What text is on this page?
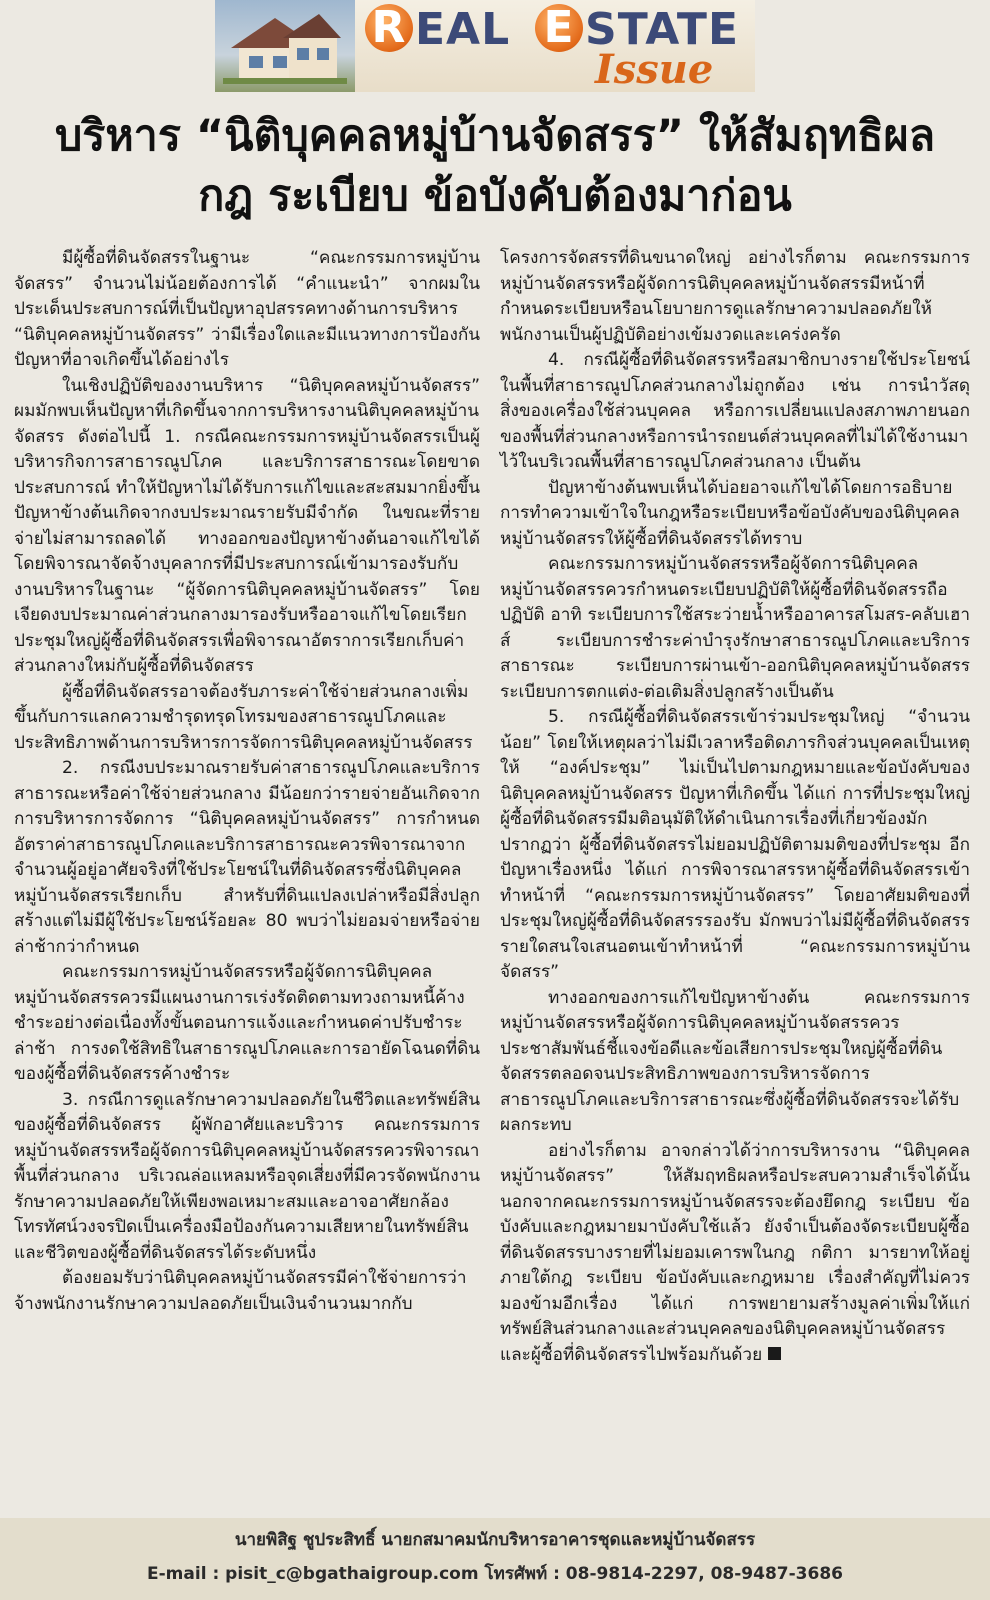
R EAL E STATE
Issue
บริหาร “นิติบุคคลหมู่บ้านจัดสรร” ให้สัมฤทธิผล
กฎ ระเบียบ ข้อบังคับต้องมาก่อน

มีผู้ซื้อที่ดินจัดสรรในฐานะ “คณะกรรมการหมู่บ้านจัดสรร” จำนวนไม่น้อยต้องการได้ “คำแนะนำ” จากผมในประเด็นประสบการณ์ที่เป็นปัญหาอุปสรรคทางด้านการบริหาร “นิติบุคคลหมู่บ้านจัดสรร” ว่ามีเรื่องใดและมีแนวทางการป้องกันปัญหาที่อาจเกิดขึ้นได้อย่างไร

ในเชิงปฏิบัติของงานบริหาร “นิติบุคคลหมู่บ้านจัดสรร” ผมมักพบเห็นปัญหาที่เกิดขึ้นจากการบริหารงานนิติบุคคลหมู่บ้านจัดสรร ดังต่อไปนี้ 1. กรณีคณะกรรมการหมู่บ้านจัดสรรเป็นผู้บริหารกิจการสาธารณูปโภค และบริการสาธารณะโดยขาดประสบการณ์ ทำให้ปัญหาไม่ได้รับการแก้ไขและสะสมมากยิ่งขึ้น ปัญหาข้างต้นเกิดจากงบประมาณรายรับมีจำกัด ในขณะที่รายจ่ายไม่สามารถลดได้ ทางออกของปัญหาข้างต้นอาจแก้ไขได้โดยพิจารณาจัดจ้างบุคลากรที่มีประสบการณ์เข้ามารองรับกับงานบริหารในฐานะ “ผู้จัดการนิติบุคคลหมู่บ้านจัดสรร” โดยเจียดงบประมาณค่าส่วนกลางมารองรับหรืออาจแก้ไขโดยเรียกประชุมใหญ่ผู้ซื้อที่ดินจัดสรรเพื่อพิจารณาอัตราการเรียกเก็บค่าส่วนกลางใหม่กับผู้ซื้อที่ดินจัดสรร

ผู้ซื้อที่ดินจัดสรรอาจต้องรับภาระค่าใช้จ่ายส่วนกลางเพิ่มขึ้นกับการแลกความชำรุดทรุดโทรมของสาธารณูปโภคและประสิทธิภาพด้านการบริหารการจัดการนิติบุคคลหมู่บ้านจัดสรร

2. กรณีงบประมาณรายรับค่าสาธารณูปโภคและบริการสาธารณะหรือค่าใช้จ่ายส่วนกลาง มีน้อยกว่ารายจ่ายอันเกิดจากการบริหารการจัดการ “นิติบุคคลหมู่บ้านจัดสรร” การกำหนดอัตราค่าสาธารณูปโภคและบริการสาธารณะควรพิจารณาจากจำนวนผู้อยู่อาศัยจริงที่ใช้ประโยชน์ในที่ดินจัดสรรซึ่งนิติบุคคลหมู่บ้านจัดสรรเรียกเก็บ สำหรับที่ดินแปลงเปล่าหรือมีสิ่งปลูกสร้างแต่ไม่มีผู้ใช้ประโยชน์ร้อยละ 80 พบว่าไม่ยอมจ่ายหรือจ่ายล่าช้ากว่ากำหนด

คณะกรรมการหมู่บ้านจัดสรรหรือผู้จัดการนิติบุคคลหมู่บ้านจัดสรรควรมีแผนงานการเร่งรัดติดตามทวงถามหนี้ค้างชำระอย่างต่อเนื่องทั้งขั้นตอนการแจ้งและกำหนดค่าปรับชำระล่าช้า การงดใช้สิทธิในสาธารณูปโภคและการอายัดโฉนดที่ดินของผู้ซื้อที่ดินจัดสรรค้างชำระ

3. กรณีการดูแลรักษาความปลอดภัยในชีวิตและทรัพย์สินของผู้ซื้อที่ดินจัดสรร ผู้พักอาศัยและบริวาร คณะกรรมการหมู่บ้านจัดสรรหรือผู้จัดการนิติบุคคลหมู่บ้านจัดสรรควรพิจารณาพื้นที่ส่วนกลาง บริเวณล่อแหลมหรือจุดเสี่ยงที่มีควรจัดพนักงานรักษาความปลอดภัยให้เพียงพอเหมาะสมและอาจอาศัยกล้องโทรทัศน์วงจรปิดเป็นเครื่องมือป้องกันความเสียหายในทรัพย์สินและชีวิตของผู้ซื้อที่ดินจัดสรรได้ระดับหนึ่ง

ต้องยอมรับว่านิติบุคคลหมู่บ้านจัดสรรมีค่าใช้จ่ายการว่าจ้างพนักงานรักษาความปลอดภัยเป็นเงินจำนวนมากกับ

โครงการจัดสรรที่ดินขนาดใหญ่ อย่างไรก็ตาม คณะกรรมการหมู่บ้านจัดสรรหรือผู้จัดการนิติบุคคลหมู่บ้านจัดสรรมีหน้าที่กำหนดระเบียบหรือนโยบายการดูแลรักษาความปลอดภัยให้พนักงานเป็นผู้ปฏิบัติอย่างเข้มงวดและเคร่งครัด

4. กรณีผู้ซื้อที่ดินจัดสรรหรือสมาชิกบางรายใช้ประโยชน์ในพื้นที่สาธารณูปโภคส่วนกลางไม่ถูกต้อง เช่น การนำวัสดุสิ่งของเครื่องใช้ส่วนบุคคล หรือการเปลี่ยนแปลงสภาพภายนอกของพื้นที่ส่วนกลางหรือการนำรถยนต์ส่วนบุคคลที่ไม่ได้ใช้งานมาไว้ในบริเวณพื้นที่สาธารณูปโภคส่วนกลาง เป็นต้น

ปัญหาข้างต้นพบเห็นได้บ่อยอาจแก้ไขได้โดยการอธิบายการทำความเข้าใจในกฎหรือระเบียบหรือข้อบังคับของนิติบุคคลหมู่บ้านจัดสรรให้ผู้ซื้อที่ดินจัดสรรได้ทราบ

คณะกรรมการหมู่บ้านจัดสรรหรือผู้จัดการนิติบุคคลหมู่บ้านจัดสรรควรกำหนดระเบียบปฏิบัติให้ผู้ซื้อที่ดินจัดสรรถือปฏิบัติ อาทิ ระเบียบการใช้สระว่ายน้ำหรืออาคารสโมสร-คลับเฮาส์ ระเบียบการชำระค่าบำรุงรักษาสาธารณูปโภคและบริการสาธารณะ ระเบียบการผ่านเข้า-ออกนิติบุคคลหมู่บ้านจัดสรร ระเบียบการตกแต่ง-ต่อเติมสิ่งปลูกสร้างเป็นต้น

5. กรณีผู้ซื้อที่ดินจัดสรรเข้าร่วมประชุมใหญ่ “จำนวนน้อย” โดยให้เหตุผลว่าไม่มีเวลาหรือติดภารกิจส่วนบุคคลเป็นเหตุให้ “องค์ประชุม” ไม่เป็นไปตามกฎหมายและข้อบังคับของนิติบุคคลหมู่บ้านจัดสรร ปัญหาที่เกิดขึ้น ได้แก่ การที่ประชุมใหญ่ผู้ซื้อที่ดินจัดสรรมีมติอนุมัติให้ดำเนินการเรื่องที่เกี่ยวข้องมักปรากฏว่า ผู้ซื้อที่ดินจัดสรรไม่ยอมปฏิบัติตามมติของที่ประชุม อีกปัญหาเรื่องหนึ่ง ได้แก่ การพิจารณาสรรหาผู้ซื้อที่ดินจัดสรรเข้าทำหน้าที่ “คณะกรรมการหมู่บ้านจัดสรร” โดยอาศัยมติของที่ประชุมใหญ่ผู้ซื้อที่ดินจัดสรรรองรับ มักพบว่าไม่มีผู้ซื้อที่ดินจัดสรรรายใดสนใจเสนอตนเข้าทำหน้าที่ “คณะกรรมการหมู่บ้านจัดสรร”

ทางออกของการแก้ไขปัญหาข้างต้น คณะกรรมการหมู่บ้านจัดสรรหรือผู้จัดการนิติบุคคลหมู่บ้านจัดสรรควรประชาสัมพันธ์ชี้แจงข้อดีและข้อเสียการประชุมใหญ่ผู้ซื้อที่ดินจัดสรรตลอดจนประสิทธิภาพของการบริหารจัดการสาธารณูปโภคและบริการสาธารณะซึ่งผู้ซื้อที่ดินจัดสรรจะได้รับผลกระทบ

อย่างไรก็ตาม อาจกล่าวได้ว่าการบริหารงาน “นิติบุคคลหมู่บ้านจัดสรร” ให้สัมฤทธิผลหรือประสบความสำเร็จได้นั้น นอกจากคณะกรรมการหมู่บ้านจัดสรรจะต้องยึดกฎ ระเบียบ ข้อบังคับและกฎหมายมาบังคับใช้แล้ว ยังจำเป็นต้องจัดระเบียบผู้ซื้อที่ดินจัดสรรบางรายที่ไม่ยอมเคารพในกฎ กติกา มารยาทให้อยู่ภายใต้กฎ ระเบียบ ข้อบังคับและกฎหมาย เรื่องสำคัญที่ไม่ควรมองข้ามอีกเรื่อง ได้แก่ การพยายามสร้างมูลค่าเพิ่มให้แก่ทรัพย์สินส่วนกลางและส่วนบุคคลของนิติบุคคลหมู่บ้านจัดสรรและผู้ซื้อที่ดินจัดสรรไปพร้อมกันด้วย

นายพิสิฐ ชูประสิทธิ์ นายกสมาคมนักบริหารอาคารชุดและหมู่บ้านจัดสรร
E-mail : pisit_c@bgathaigroup.com โทรศัพท์ : 08-9814-2297, 08-9487-3686
